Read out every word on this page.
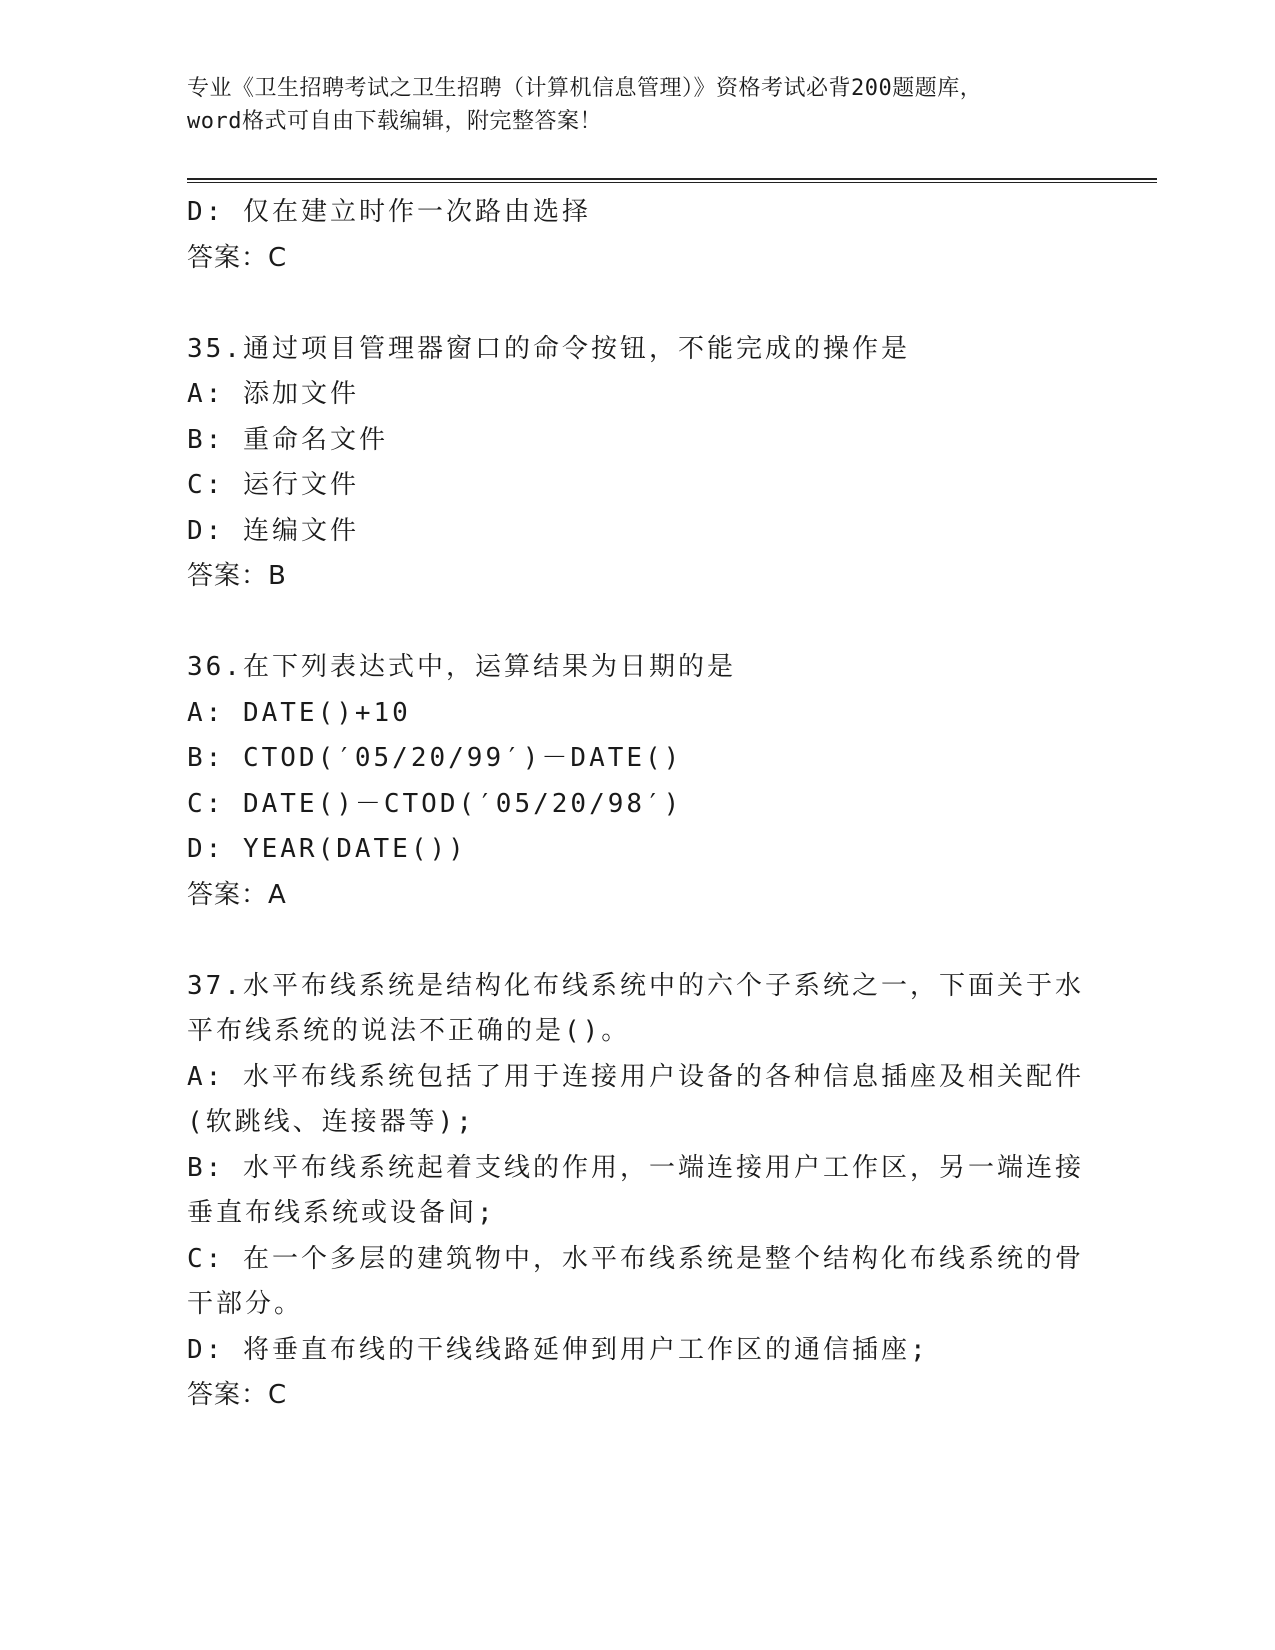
专业《卫生招聘考试之卫生招聘（计算机信息管理）》资格考试必背200题题库，
word格式可自由下载编辑，附完整答案！
D: 仅在建立时作一次路由选择
答案：C
35.通过项目管理器窗口的命令按钮，不能完成的操作是
A: 添加文件
B: 重命名文件
C: 运行文件
D: 连编文件
答案：B
36.在下列表达式中，运算结果为日期的是
A: DATE()+10
B: CTOD(′05/20/99′)－DATE()
C: DATE()－CTOD(′05/20/98′)
D: YEAR(DATE())
答案：A
37.水平布线系统是结构化布线系统中的六个子系统之一，下面关于水
平布线系统的说法不正确的是()。
A: 水平布线系统包括了用于连接用户设备的各种信息插座及相关配件
(软跳线、连接器等);
B: 水平布线系统起着支线的作用，一端连接用户工作区，另一端连接
垂直布线系统或设备间;
C: 在一个多层的建筑物中，水平布线系统是整个结构化布线系统的骨
干部分。
D: 将垂直布线的干线线路延伸到用户工作区的通信插座;
答案：C
